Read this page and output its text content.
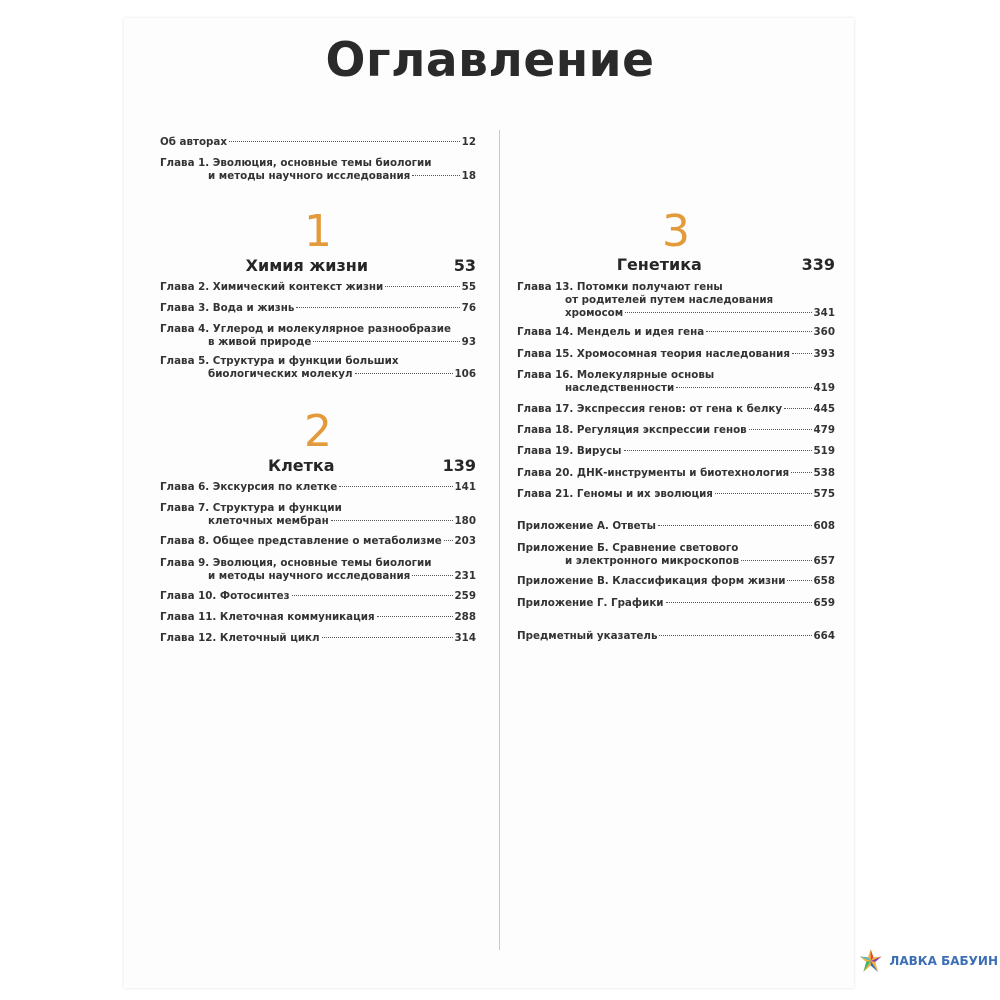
Оглавление
Об авторах	12
Глава 1. Эволюция, основные темы биологии
и методы научного исследования	18
1
Химия жизни	53
Глава 2. Химический контекст жизни	55
Глава 3. Вода и жизнь	76
Глава 4. Углерод и молекулярное разнообразие
в живой природе	93
Глава 5. Структура и функции больших
биологических молекул	106
2
Клетка	139
Глава 6. Экскурсия по клетке	141
Глава 7. Структура и функции
клеточных мембран	180
Глава 8. Общее представление о метаболизме 203
Глава 9. Эволюция, основные темы биологии
и методы научного исследования	231
Глава 10. Фотосинтез	259
Глава 11. Клеточная коммуникация	288
Глава 12. Клеточный цикл	314
3
Генетика	339
Глава 13. Потомки получают гены
от родителей путем наследования
хромосом	341
Глава 14. Мендель и идея гена	360
Глава 15. Хромосомная теория наследования 393
Глава 16. Молекулярные основы
наследственности	419
Глава 17. Экспрессия генов: от гена к белку	445
Глава 18. Регуляция экспрессии генов	479
Глава 19. Вирусы	519
Глава 20. ДНК-инструменты и биотехнология 538
Глава 21. Геномы и их эволюция	575
Приложение А. Ответы	608
Приложение Б. Сравнение светового
и электронного микроскопов	657
Приложение В. Классификация форм жизни	658
Приложение Г. Графики	659
Предметный указатель	664
ЛАВКА БАБУИН
